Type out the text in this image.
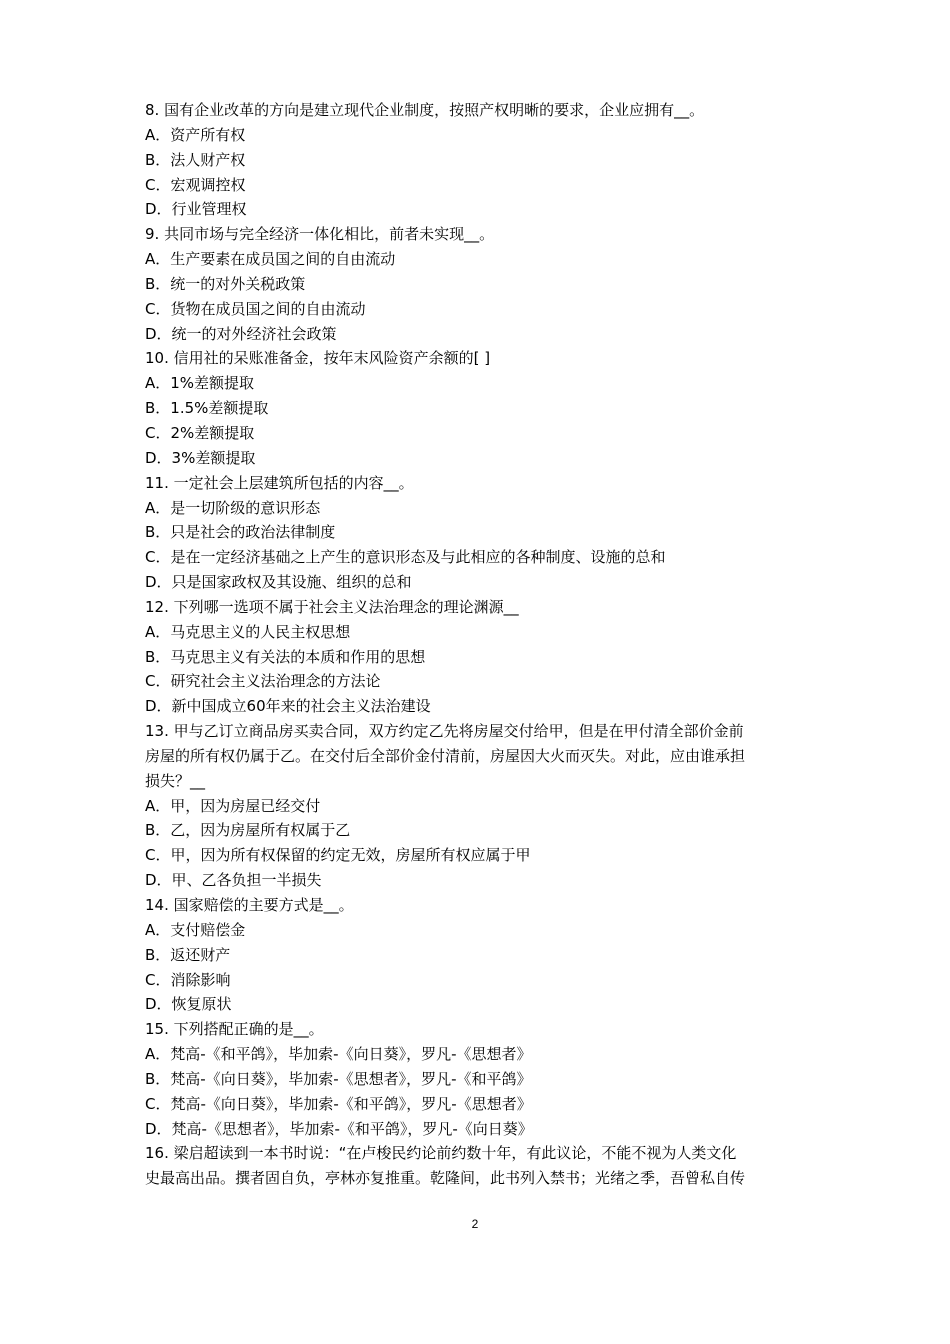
8. 国有企业改革的方向是建立现代企业制度，按照产权明晰的要求，企业应拥有__。
A．资产所有权
B．法人财产权
C．宏观调控权
D．行业管理权
9. 共同市场与完全经济一体化相比，前者未实现__。
A．生产要素在成员国之间的自由流动
B．统一的对外关税政策
C．货物在成员国之间的自由流动
D．统一的对外经济社会政策
10. 信用社的呆账准备金，按年末风险资产余额的[ ]
A．1%差额提取
B．1.5%差额提取
C．2%差额提取
D．3%差额提取
11. 一定社会上层建筑所包括的内容__。
A．是一切阶级的意识形态
B．只是社会的政治法律制度
C．是在一定经济基础之上产生的意识形态及与此相应的各种制度、设施的总和
D．只是国家政权及其设施、组织的总和
12. 下列哪一选项不属于社会主义法治理念的理论渊源__
A．马克思主义的人民主权思想
B．马克思主义有关法的本质和作用的思想
C．研究社会主义法治理念的方法论
D．新中国成立60年来的社会主义法治建设
13. 甲与乙订立商品房买卖合同，双方约定乙先将房屋交付给甲，但是在甲付清全部价金前
房屋的所有权仍属于乙。在交付后全部价金付清前，房屋因大火而灭失。对此，应由谁承担
损失？__
A．甲，因为房屋已经交付
B．乙，因为房屋所有权属于乙
C．甲，因为所有权保留的约定无效，房屋所有权应属于甲
D．甲、乙各负担一半损失
14. 国家赔偿的主要方式是__。
A．支付赔偿金
B．返还财产
C．消除影响
D．恢复原状
15. 下列搭配正确的是__。
A．梵高-《和平鸽》，毕加索-《向日葵》，罗凡-《思想者》
B．梵高-《向日葵》，毕加索-《思想者》，罗凡-《和平鸽》
C．梵高-《向日葵》，毕加索-《和平鸽》，罗凡-《思想者》
D．梵高-《思想者》，毕加索-《和平鸽》，罗凡-《向日葵》
16. 梁启超读到一本书时说：“在卢梭民约论前约数十年，有此议论，不能不视为人类文化
史最高出品。撰者固自负，亭林亦复推重。乾隆间，此书列入禁书；光绪之季，吾曾私自传
2
